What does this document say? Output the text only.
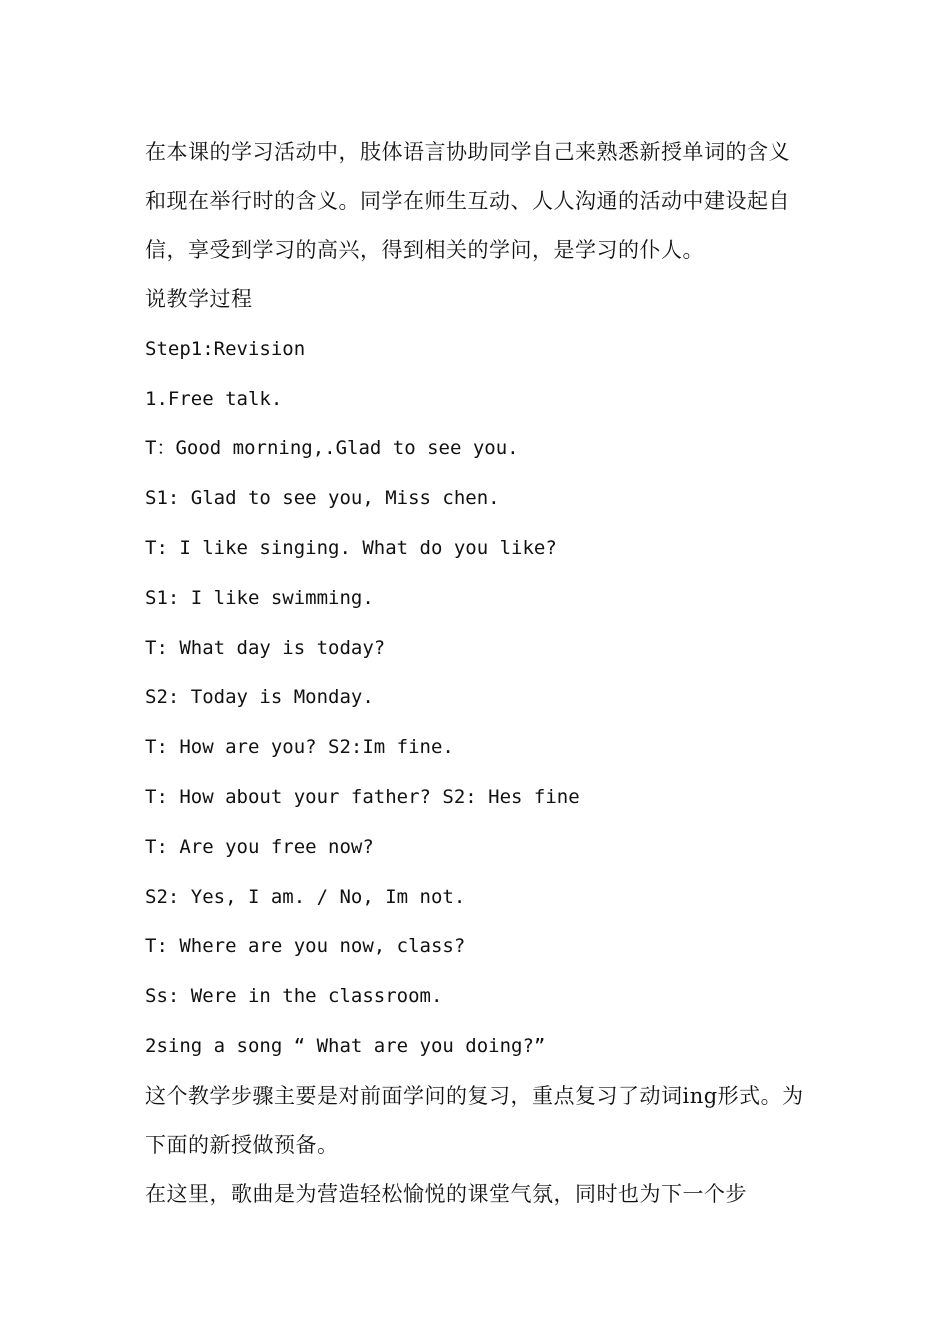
在本课的学习活动中，肢体语言协助同学自己来熟悉新授单词的含义和现在举行时的含义。同学在师生互动、人人沟通的活动中建设起自信，享受到学习的高兴，得到相关的学问，是学习的仆人。

说教学过程

Step1:Revision

1.Free talk.

T：Good morning,.Glad to see you.

S1: Glad to see you, Miss chen.

T: I like singing. What do you like?

S1: I like swimming.

T: What day is today?

S2: Today is Monday.

T: How are you? S2:Im fine.

T: How about your father? S2: Hes fine

T: Are you free now?

S2: Yes, I am. / No, Im not.

T: Where are you now, class?

Ss: Were in the classroom.

2sing a song “ What are you doing?”

这个教学步骤主要是对前面学问的复习，重点复习了动词ing形式。为下面的新授做预备。

在这里，歌曲是为营造轻松愉悦的课堂气氛，同时也为下一个步
